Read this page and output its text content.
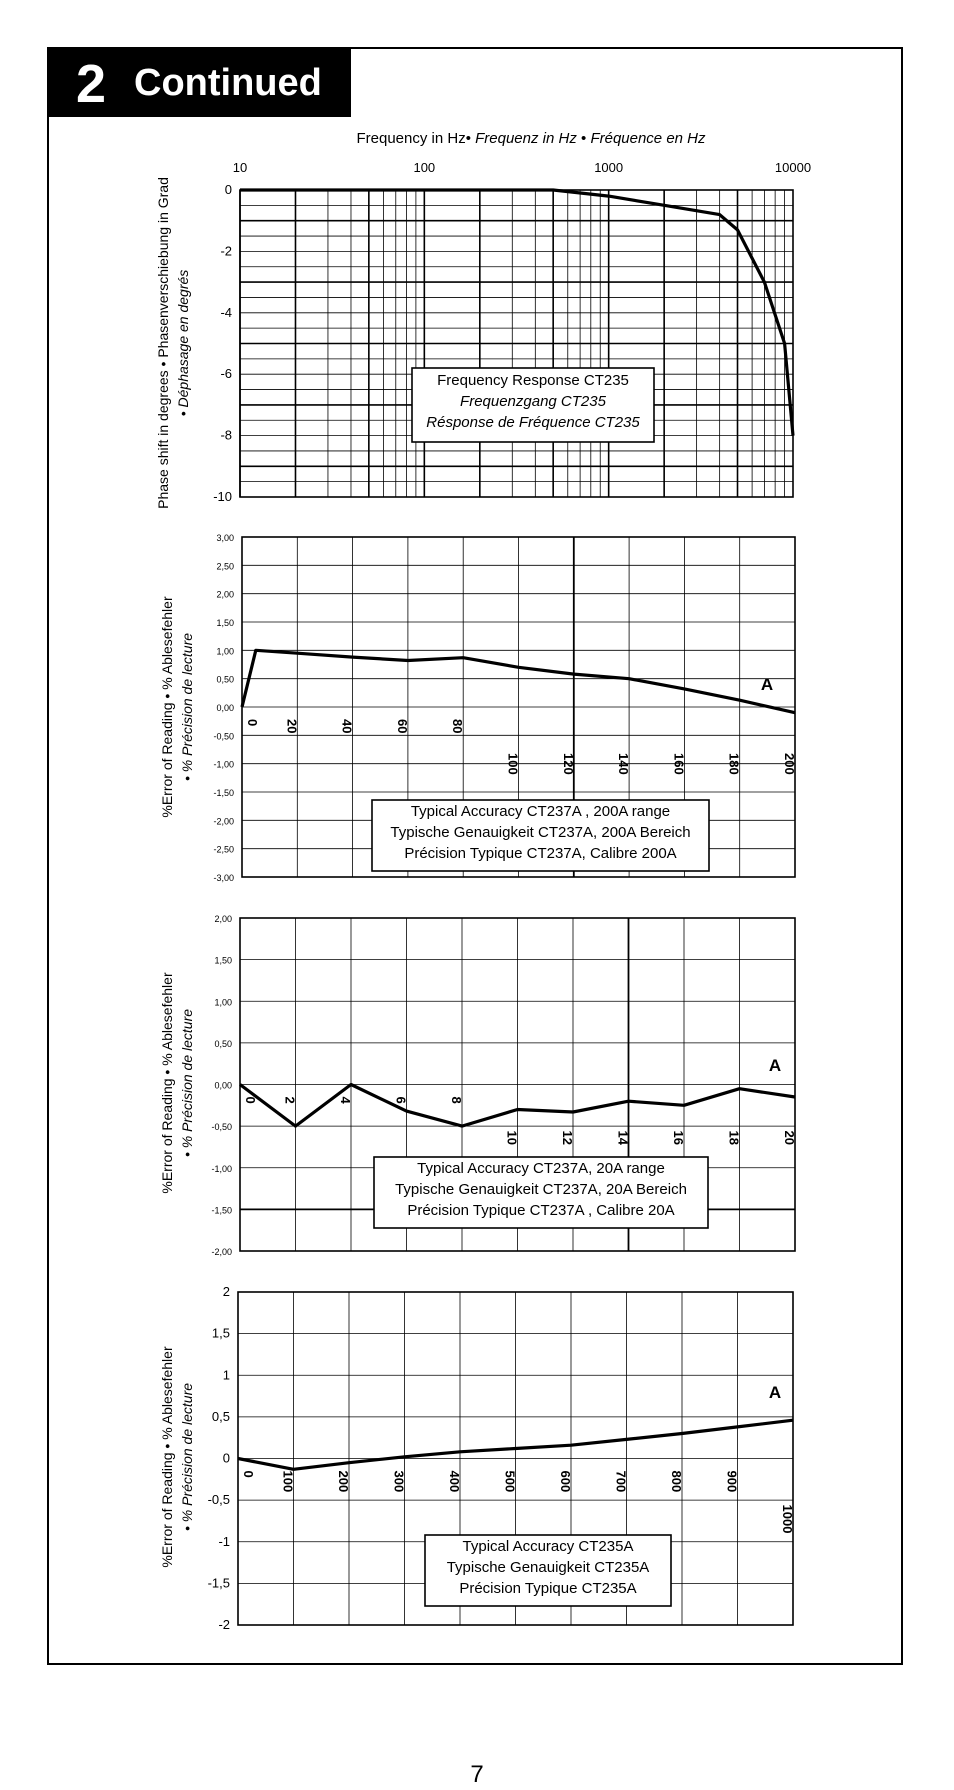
2 Continued
0
-2
-4
-6
-8
-10
10	100	1000	10000
Frequency Response CT235
Frequenzgang CT235
Résponse de Fréquence CT235
Phase shift in degrees • Phasenverschiebung in Grad • Déphasage en degrés
Frequency in Hz• Frequenz in Hz • Fréquence en Hz
3,00
2,50
2,00
1,50
1,00
0,50
0,00
-0,50
-1,00
-1,50
-2,00
-2,50
-3,00
0 20	40	60	80
100	120	140	160	180	200
A
Typical Accuracy CT237A , 200A range
Typische Genauigkeit CT237A, 200A Bereich
Précision Typique CT237A, Calibre 200A
%Error of Reading • % Ablesefehler • % Précision de lecture
2,00
1,50
1,00
0,50
0,00
-0,50
-1,00
-1,50
-2,00
0 2	4	6	8
10	12	14	16	18	20
A
Typical Accuracy CT237A, 20A range
Typische Genauigkeit CT237A, 20A Bereich
Précision Typique CT237A , Calibre 20A
%Error of Reading • % Ablesefehler • % Précision de lecture
2
1,5
1
0,5
0
-0,5
-1
-1,5
-2
0 100	200	300	400	500	600	700	800	900
1000
A
Typical Accuracy CT235A
Typische Genauigkeit CT235A
Précision Typique CT235A
%Error of Reading • % Ablesefehler • % Précision de lecture
7
